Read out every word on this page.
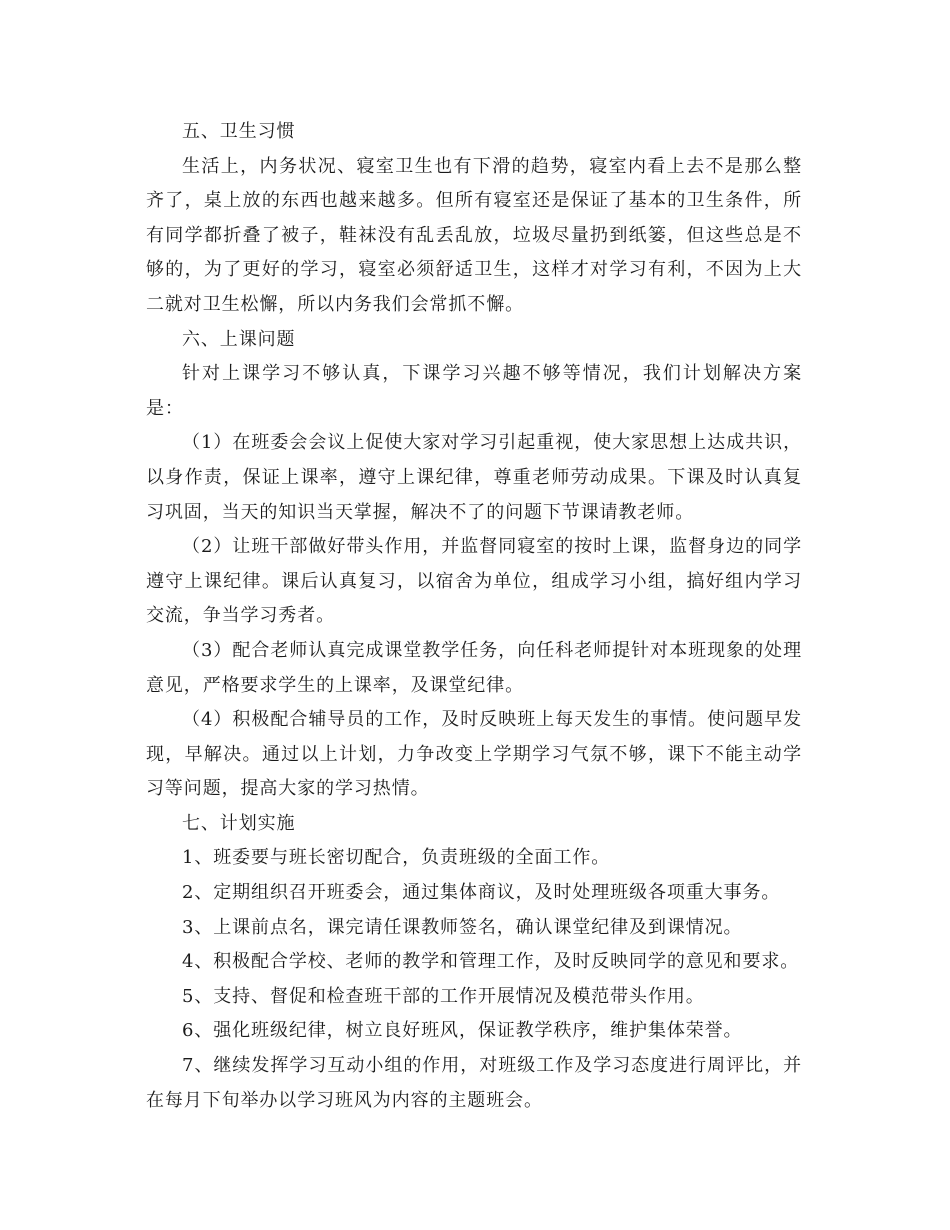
五、卫生习惯

生活上，内务状况、寝室卫生也有下滑的趋势，寝室内看上去不是那么整齐了，桌上放的东西也越来越多。但所有寝室还是保证了基本的卫生条件，所有同学都折叠了被子，鞋袜没有乱丢乱放，垃圾尽量扔到纸篓，但这些总是不够的，为了更好的学习，寝室必须舒适卫生，这样才对学习有利，不因为上大二就对卫生松懈，所以内务我们会常抓不懈。

六、上课问题

针对上课学习不够认真，下课学习兴趣不够等情况，我们计划解决方案是：

（1）在班委会会议上促使大家对学习引起重视，使大家思想上达成共识，以身作责，保证上课率，遵守上课纪律，尊重老师劳动成果。下课及时认真复习巩固，当天的知识当天掌握，解决不了的问题下节课请教老师。

（2）让班干部做好带头作用，并监督同寝室的按时上课，监督身边的同学遵守上课纪律。课后认真复习，以宿舍为单位，组成学习小组，搞好组内学习交流，争当学习秀者。

（3）配合老师认真完成课堂教学任务，向任科老师提针对本班现象的处理意见，严格要求学生的上课率，及课堂纪律。

（4）积极配合辅导员的工作，及时反映班上每天发生的事情。使问题早发现，早解决。通过以上计划，力争改变上学期学习气氛不够，课下不能主动学习等问题，提高大家的学习热情。

七、计划实施

1、班委要与班长密切配合，负责班级的全面工作。

2、定期组织召开班委会，通过集体商议，及时处理班级各项重大事务。

3、上课前点名，课完请任课教师签名，确认课堂纪律及到课情况。

4、积极配合学校、老师的教学和管理工作，及时反映同学的意见和要求。

5、支持、督促和检查班干部的工作开展情况及模范带头作用。

6、强化班级纪律，树立良好班风，保证教学秩序，维护集体荣誉。

7、继续发挥学习互动小组的作用，对班级工作及学习态度进行周评比，并在每月下旬举办以学习班风为内容的主题班会。
